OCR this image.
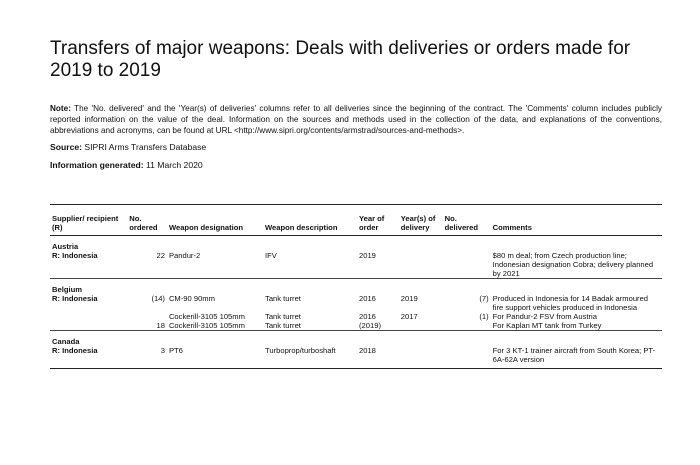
Transfers of major weapons: Deals with deliveries or orders made for 2019 to 2019
Note: The 'No. delivered' and the 'Year(s) of deliveries' columns refer to all deliveries since the beginning of the contract. The 'Comments' column includes publicly reported information on the value of the deal. Information on the sources and methods used in the collection of the data, and explanations of the conventions, abbreviations and acronyms, can be found at URL <http://www.sipri.org/contents/armstrad/sources-and-methods>.
Source: SIPRI Arms Transfers Database
Information generated: 11 March 2020
Supplier/ recipient (R)	No. ordered	Weapon designation	Weapon description	Year of order	Year(s) of delivery	No. delivered	Comments
Austria							
R: Indonesia	22	Pandur-2	IFV	2019			$80 m deal; from Czech production line; Indonesian designation Cobra; delivery planned by 2021
Belgium							
R: Indonesia	(14)	CM-90 90mm	Tank turret	2016	2019	(7)	Produced in Indonesia for 14 Badak armoured fire support vehicles produced in Indonesia
		Cockerill-3105 105mm	Tank turret	2016	2017	(1)	For Pandur-2 FSV from Austria
	18	Cockerill-3105 105mm	Tank turret	(2019)			For Kaplan MT tank from Turkey
Canada							
R: Indonesia	3	PT6	Turboprop/turboshaft	2018			For 3 KT-1 trainer aircraft from South Korea; PT-6A-62A version
